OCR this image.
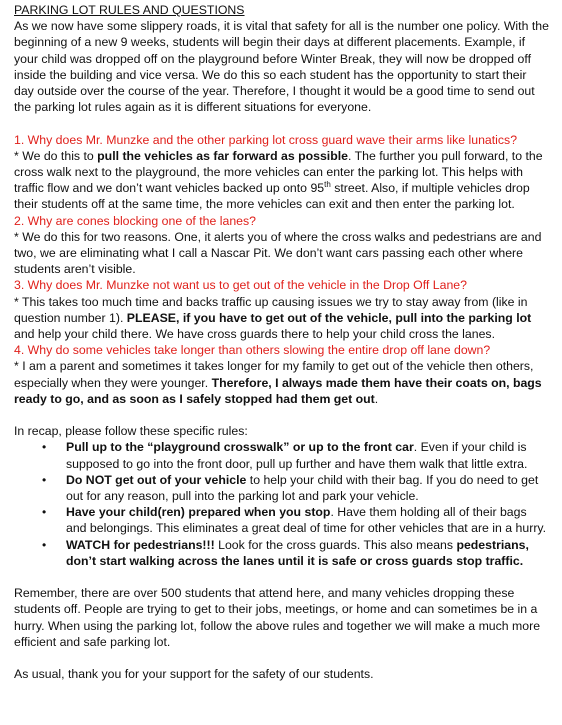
PARKING LOT RULES AND QUESTIONS

As we now have some slippery roads, it is vital that safety for all is the number one policy. With the beginning of a new 9 weeks, students will begin their days at different placements. Example, if your child was dropped off on the playground before Winter Break, they will now be dropped off inside the building and vice versa. We do this so each student has the opportunity to start their day outside over the course of the year. Therefore, I thought it would be a good time to send out the parking lot rules again as it is different situations for everyone.

1. Why does Mr. Munzke and the other parking lot cross guard wave their arms like lunatics?

* We do this to pull the vehicles as far forward as possible. The further you pull forward, to the cross walk next to the playground, the more vehicles can enter the parking lot. This helps with traffic flow and we don’t want vehicles backed up onto 95th street. Also, if multiple vehicles drop their students off at the same time, the more vehicles can exit and then enter the parking lot.

2. Why are cones blocking one of the lanes?

* We do this for two reasons. One, it alerts you of where the cross walks and pedestrians are and two, we are eliminating what I call a Nascar Pit. We don’t want cars passing each other where students aren’t visible.

3. Why does Mr. Munzke not want us to get out of the vehicle in the Drop Off Lane?

* This takes too much time and backs traffic up causing issues we try to stay away from (like in question number 1). PLEASE, if you have to get out of the vehicle, pull into the parking lot and help your child there. We have cross guards there to help your child cross the lanes.

4. Why do some vehicles take longer than others slowing the entire drop off lane down?

* I am a parent and sometimes it takes longer for my family to get out of the vehicle then others, especially when they were younger. Therefore, I always made them have their coats on, bags ready to go, and as soon as I safely stopped had them get out.

In recap, please follow these specific rules:

• Pull up to the “playground crosswalk” or up to the front car. Even if your child is supposed to go into the front door, pull up further and have them walk that little extra.
• Do NOT get out of your vehicle to help your child with their bag. If you do need to get out for any reason, pull into the parking lot and park your vehicle.
• Have your child(ren) prepared when you stop. Have them holding all of their bags and belongings. This eliminates a great deal of time for other vehicles that are in a hurry.
• WATCH for pedestrians!!! Look for the cross guards. This also means pedestrians, don’t start walking across the lanes until it is safe or cross guards stop traffic.

Remember, there are over 500 students that attend here, and many vehicles dropping these students off. People are trying to get to their jobs, meetings, or home and can sometimes be in a hurry. When using the parking lot, follow the above rules and together we will make a much more efficient and safe parking lot.

As usual, thank you for your support for the safety of our students.
